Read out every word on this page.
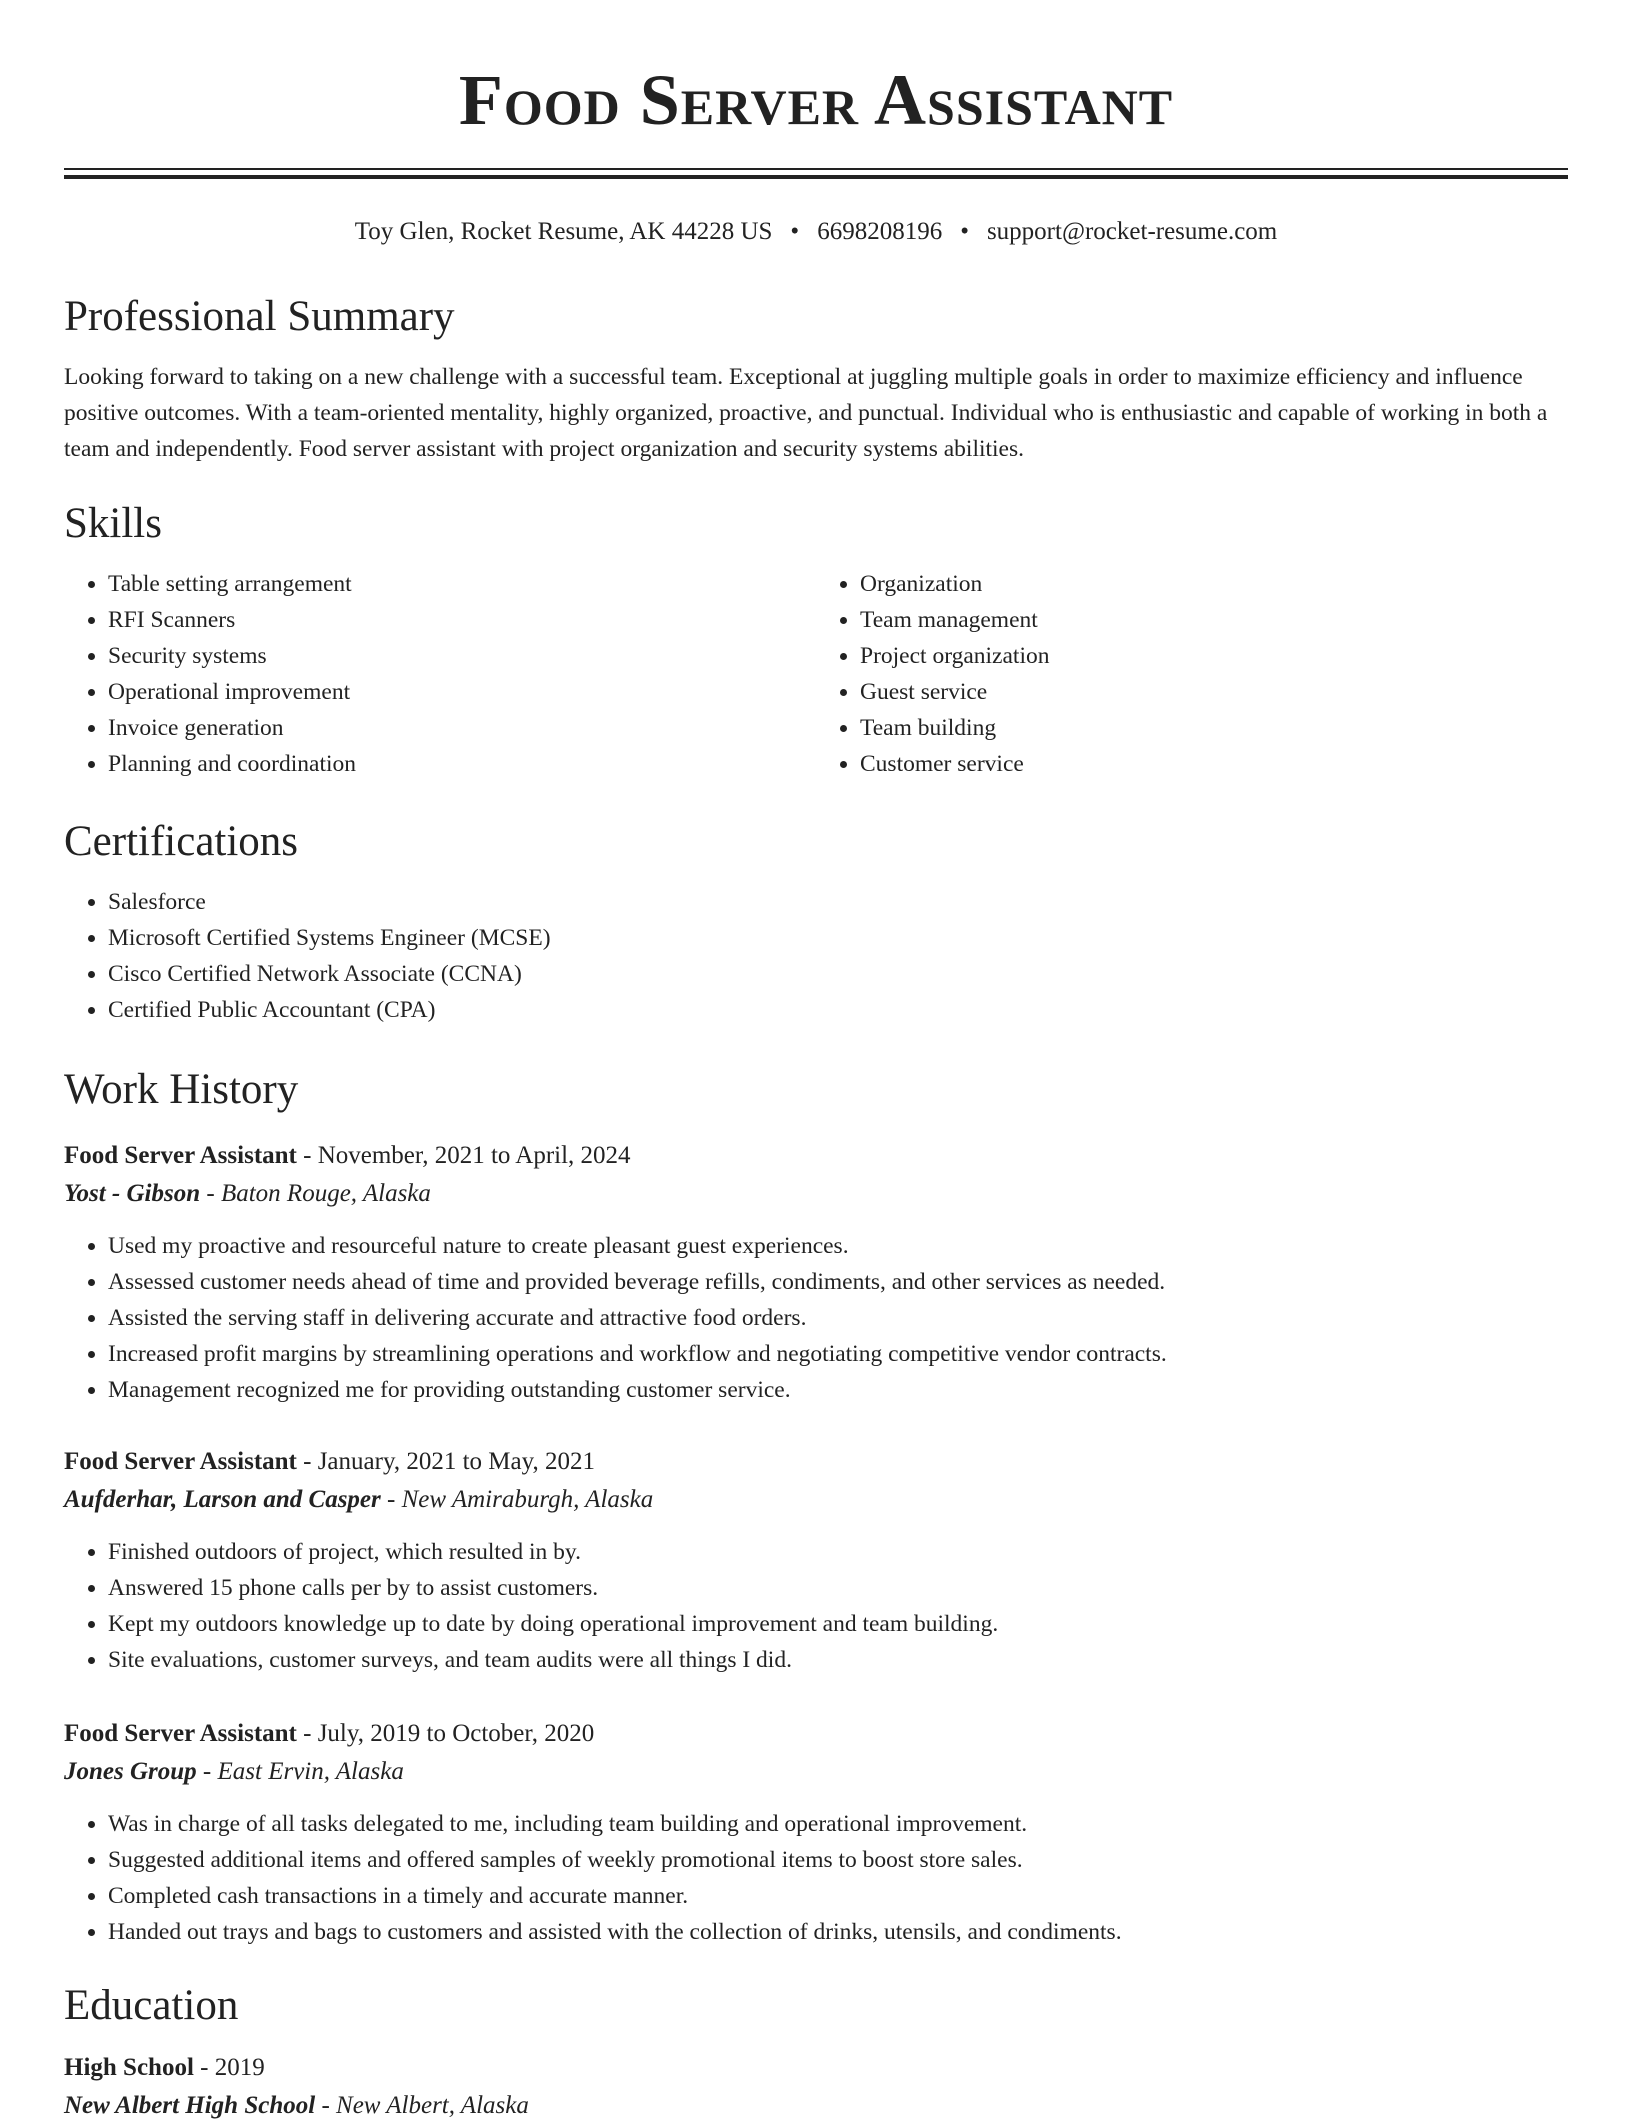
Food Server Assistant
Toy Glen, Rocket Resume, AK 44228 US • 6698208196 • support@rocket-resume.com
Professional Summary

Looking forward to taking on a new challenge with a successful team. Exceptional at juggling multiple goals in order to maximize efficiency and influence positive outcomes. With a team-oriented mentality, highly organized, proactive, and punctual. Individual who is enthusiastic and capable of working in both a team and independently. Food server assistant with project organization and security systems abilities.

Skills
• Table setting arrangement
• RFI Scanners
• Security systems
• Operational improvement
• Invoice generation
• Planning and coordination
• Organization
• Team management
• Project organization
• Guest service
• Team building
• Customer service
Certifications
• Salesforce
• Microsoft Certified Systems Engineer (MCSE)
• Cisco Certified Network Associate (CCNA)
• Certified Public Accountant (CPA)
Work History
Food Server Assistant - November, 2021 to April, 2024
Yost - Gibson - Baton Rouge, Alaska
• Used my proactive and resourceful nature to create pleasant guest experiences.
• Assessed customer needs ahead of time and provided beverage refills, condiments, and other services as needed.
• Assisted the serving staff in delivering accurate and attractive food orders.
• Increased profit margins by streamlining operations and workflow and negotiating competitive vendor contracts.
• Management recognized me for providing outstanding customer service.
Food Server Assistant - January, 2021 to May, 2021
Aufderhar, Larson and Casper - New Amiraburgh, Alaska
• Finished outdoors of project, which resulted in by.
• Answered 15 phone calls per by to assist customers.
• Kept my outdoors knowledge up to date by doing operational improvement and team building.
• Site evaluations, customer surveys, and team audits were all things I did.
Food Server Assistant - July, 2019 to October, 2020
Jones Group - East Ervin, Alaska
• Was in charge of all tasks delegated to me, including team building and operational improvement.
• Suggested additional items and offered samples of weekly promotional items to boost store sales.
• Completed cash transactions in a timely and accurate manner.
• Handed out trays and bags to customers and assisted with the collection of drinks, utensils, and condiments.
Education
High School - 2019
New Albert High School - New Albert, Alaska
